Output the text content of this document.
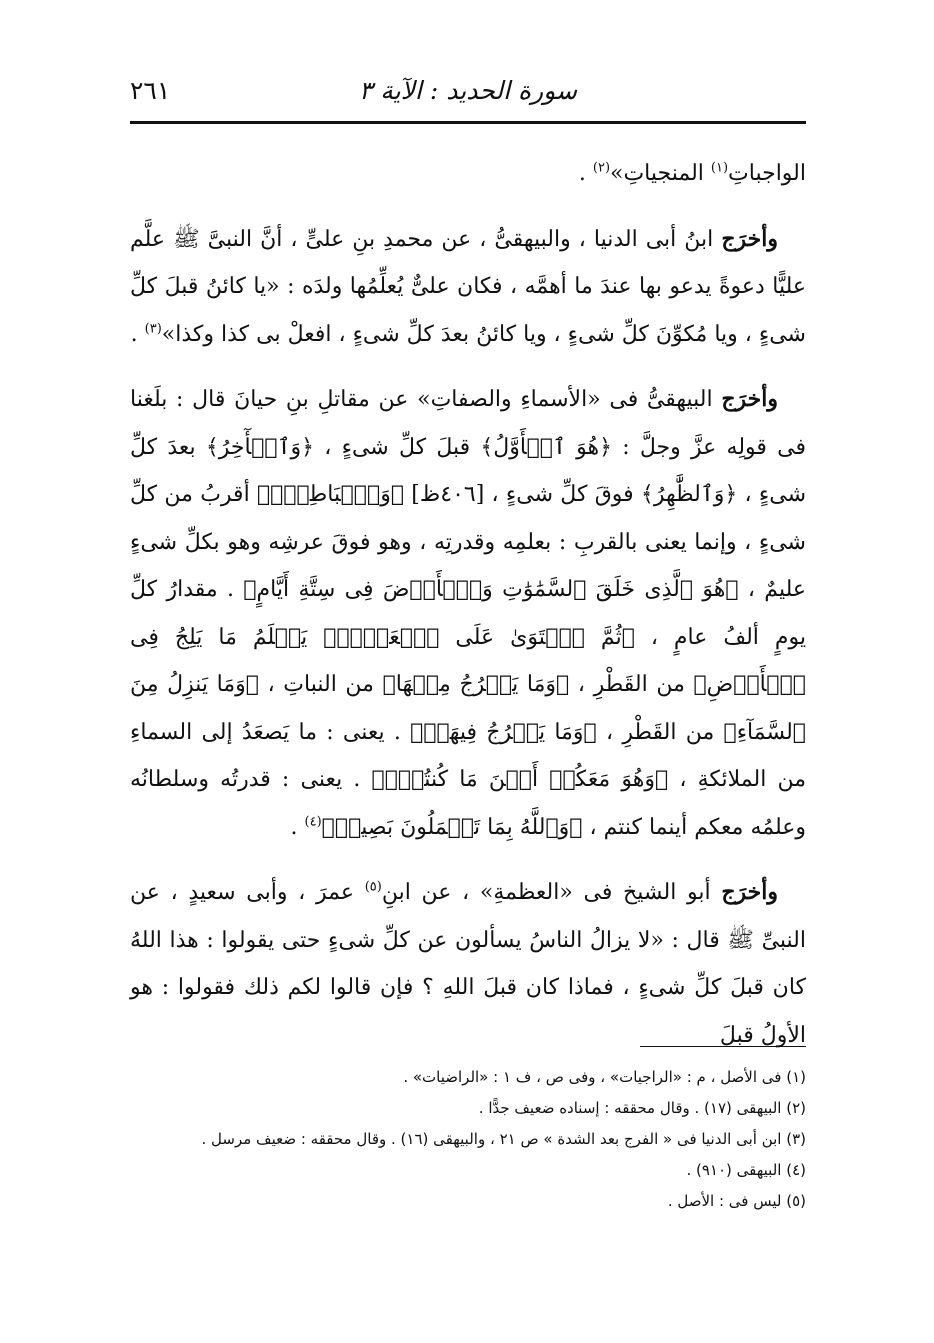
سورة الحديد : الآية ٣
٢٦١

الواجباتِ$^{(١)}$ المنجياتِ»$^{(٢)}$ .

وأخرَج ابنُ أبى الدنيا ، والبيهقىُّ ، عن محمدِ بنِ علىٍّ ، أنَّ النبىَّ ﷺ علَّم عليًّا دعوةً يدعو بها عندَ ما أهمَّه ، فكان علىٌّ يُعلِّمُها ولدَه : «يا كائنُ قبلَ كلِّ شىءٍ ، ويا مُكوِّنَ كلِّ شىءٍ ، ويا كائنُ بعدَ كلِّ شىءٍ ، افعلْ بى كذا وكذا»$^{(٣)}$ .

وأخرَج البيهقىُّ فى «الأسماءِ والصفاتِ» عن مقاتلِ بنِ حيانَ قال : بلَغنا فى قولِه عزَّ وجلَّ : ﴿هُوَ ٱلۡأَوَّلُ﴾ قبلَ كلِّ شىءٍ ، ﴿وَٱلۡأٓخِرُ﴾ بعدَ كلِّ شىءٍ ، ﴿وَٱلظَّٰهِرُ﴾ فوقَ كلِّ شىءٍ ، [٤٠٦ظ] ﴿وَٱلۡبَاطِنُۖ﴾ أقربُ من كلِّ شىءٍ ، وإنما يعنى بالقربِ : بعلمِه وقدرتِه ، وهو فوقَ عرشِه وهو بكلِّ شىءٍ عليمٌ ، ﴿هُوَ ٱلَّذِى خَلَقَ ٱلسَّمَٰوَٰتِ وَٱلۡأَرۡضَ فِى سِتَّةِ أَيَّامٍ﴾ . مقدارُ كلِّ يومٍ ألفُ عامٍ ، ﴿ثُمَّ ٱسۡتَوَىٰ عَلَى ٱلۡعَرۡشِۚ يَعۡلَمُ مَا يَلِجُ فِى ٱلۡأَرۡضِ﴾ من القَطْرِ ، ﴿وَمَا يَخۡرُجُ مِنۡهَا﴾ من النباتِ ، ﴿وَمَا يَنزِلُ مِنَ ٱلسَّمَآءِ﴾ من القَطْرِ ، ﴿وَمَا يَعۡرُجُ فِيهَاۖ﴾ . يعنى : ما يَصعَدُ إلى السماءِ من الملائكةِ ، ﴿وَهُوَ مَعَكُمۡ أَيۡنَ مَا كُنتُمۡۚ﴾ . يعنى : قدرتُه وسلطانُه وعلمُه معكم أينما كنتم ، ﴿وَٱللَّهُ بِمَا تَعۡمَلُونَ بَصِيرٞ﴾$^{(٤)}$ .

وأخرَج أبو الشيخ فى «العظمةِ» ، عن ابنِ$^{(٥)}$ عمرَ ، وأبى سعيدٍ ، عن النبىِّ ﷺ قال : «لا يزالُ الناسُ يسألون عن كلِّ شىءٍ حتى يقولوا : هذا اللهُ كان قبلَ كلِّ شىءٍ ، فماذا كان قبلَ اللهِ ؟ فإن قالوا لكم ذلك فقولوا : هو الأولُ قبلَ

(١) فى الأصل ، م : «الراجيات» ، وفى ص ، ف ١ : «الراضيات» .
(٢) البيهقى (١٧) . وقال محققه : إسناده ضعيف جدًّا .
(٣) ابن أبى الدنيا فى « الفرج بعد الشدة » ص ٢١ ، والبيهقى (١٦) . وقال محققه : ضعيف مرسل .
(٤) البيهقى (٩١٠) .
(٥) ليس فى : الأصل .
